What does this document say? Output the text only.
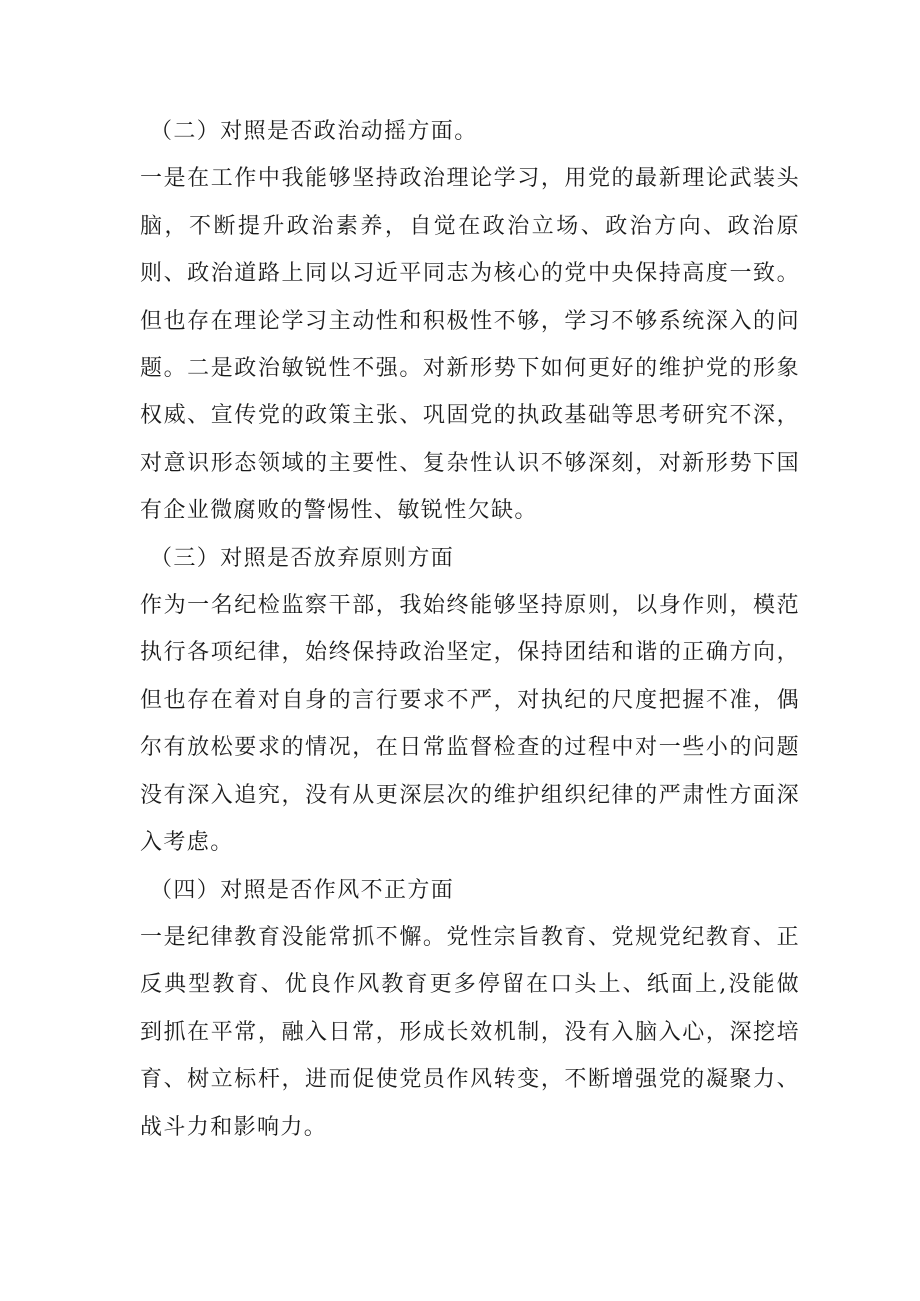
（二）对照是否政治动摇方面。

一是在工作中我能够坚持政治理论学习，用党的最新理论武装头脑，不断提升政治素养，自觉在政治立场、政治方向、政治原则、政治道路上同以习近平同志为核心的党中央保持高度一致。但也存在理论学习主动性和积极性不够，学习不够系统深入的问题。二是政治敏锐性不强。对新形势下如何更好的维护党的形象权威、宣传党的政策主张、巩固党的执政基础等思考研究不深，对意识形态领域的主要性、复杂性认识不够深刻，对新形势下国有企业微腐败的警惕性、敏锐性欠缺。

（三）对照是否放弃原则方面

作为一名纪检监察干部，我始终能够坚持原则，以身作则，模范执行各项纪律，始终保持政治坚定，保持团结和谐的正确方向，但也存在着对自身的言行要求不严，对执纪的尺度把握不准，偶尔有放松要求的情况，在日常监督检查的过程中对一些小的问题没有深入追究，没有从更深层次的维护组织纪律的严肃性方面深入考虑。

（四）对照是否作风不正方面

一是纪律教育没能常抓不懈。党性宗旨教育、党规党纪教育、正反典型教育、优良作风教育更多停留在口头上、纸面上,没能做到抓在平常，融入日常，形成长效机制，没有入脑入心，深挖培育、树立标杆，进而促使党员作风转变，不断增强党的凝聚力、战斗力和影响力。
